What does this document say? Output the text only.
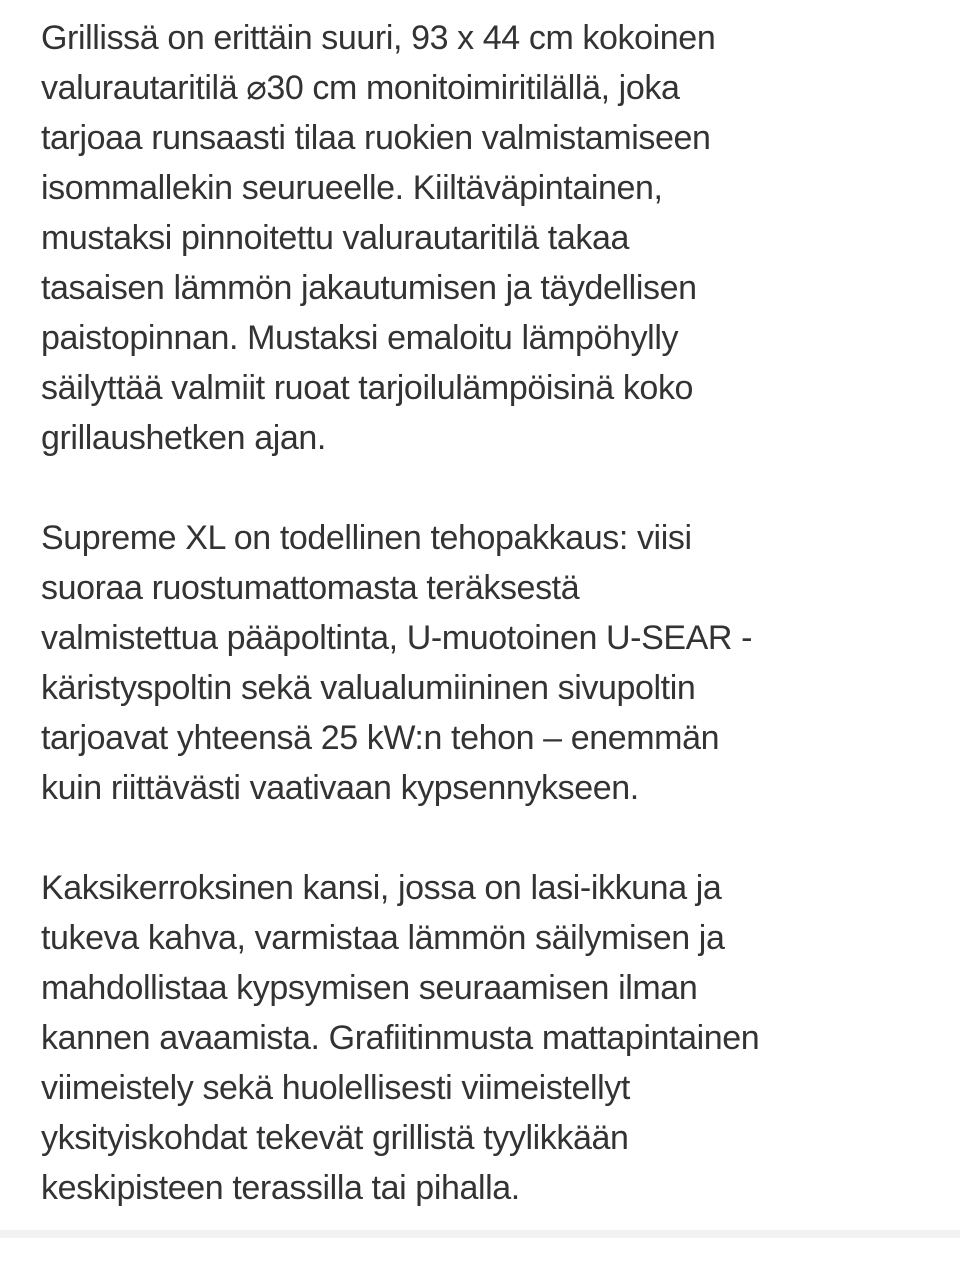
Grillissä on erittäin suuri, 93 x 44 cm kokoinen
valurautaritilä ⌀30 cm monitoimiritilällä, joka
tarjoaa runsaasti tilaa ruokien valmistamiseen
isommallekin seurueelle. Kiiltäväpintainen,
mustaksi pinnoitettu valurautaritilä takaa
tasaisen lämmön jakautumisen ja täydellisen
paistopinnan. Mustaksi emaloitu lämpöhylly
säilyttää valmiit ruoat tarjoilulämpöisinä koko
grillaushetken ajan.
Supreme XL on todellinen tehopakkaus: viisi
suoraa ruostumattomasta teräksestä
valmistettua pääpoltinta, U-muotoinen U-SEAR -
käristyspoltin sekä valualumiininen sivupoltin
tarjoavat yhteensä 25 kW:n tehon – enemmän
kuin riittävästi vaativaan kypsennykseen.
Kaksikerroksinen kansi, jossa on lasi-ikkuna ja
tukeva kahva, varmistaa lämmön säilymisen ja
mahdollistaa kypsymisen seuraamisen ilman
kannen avaamista. Grafiitinmusta mattapintainen
viimeistely sekä huolellisesti viimeistellyt
yksityiskohdat tekevät grillistä tyylikkään
keskipisteen terassilla tai pihalla.
